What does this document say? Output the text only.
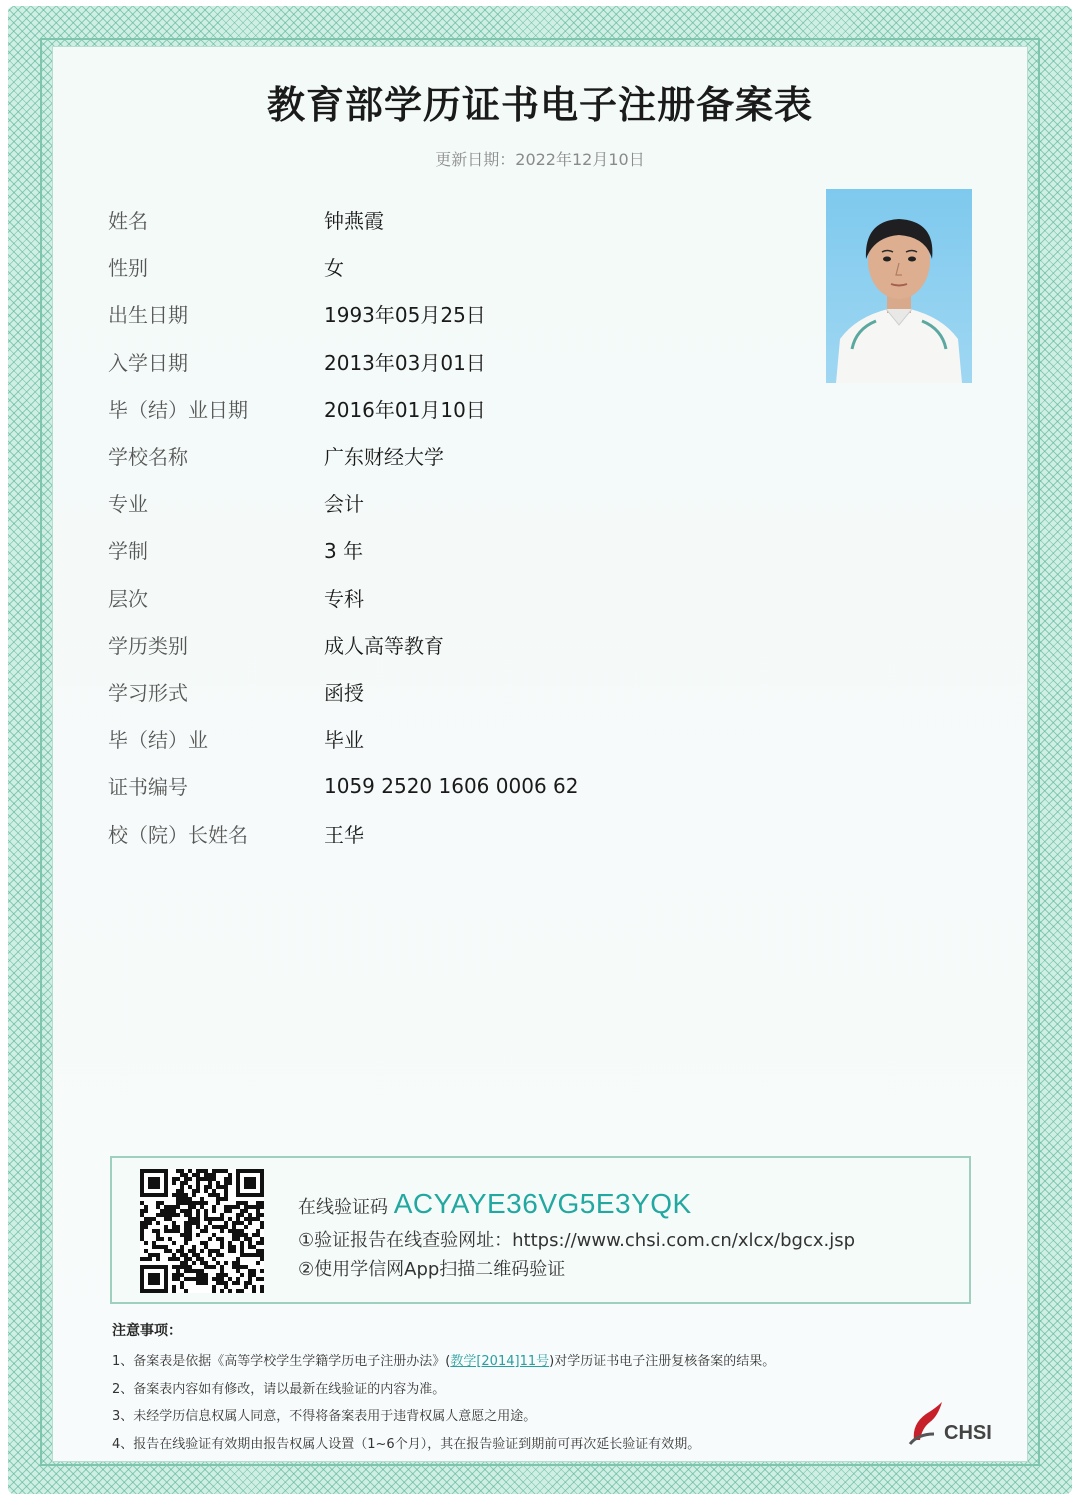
教育部学历证书电子注册备案表
更新日期：2022年12月10日
姓名	钟燕霞
性别	女
出生日期	1993年05月25日
入学日期	2013年03月01日
毕（结）业日期	2016年01月10日
学校名称	广东财经大学
专业	会计
学制	3 年
层次	专科
学历类别	成人高等教育
学习形式	函授
毕（结）业	毕业
证书编号	1059 2520 1606 0006 62
校（院）长姓名	王华
在线验证码 ACYAYE36VG5E3YQK
①验证报告在线查验网址：https://www.chsi.com.cn/xlcx/bgcx.jsp
②使用学信网App扫描二维码验证
注意事项：
1、备案表是依据《高等学校学生学籍学历电子注册办法》(教学[2014]11号)对学历证书电子注册复核备案的结果。
2、备案表内容如有修改，请以最新在线验证的内容为准。
3、未经学历信息权属人同意，不得将备案表用于违背权属人意愿之用途。
4、报告在线验证有效期由报告权属人设置（1~6个月），其在报告验证到期前可再次延长验证有效期。	CHSI
